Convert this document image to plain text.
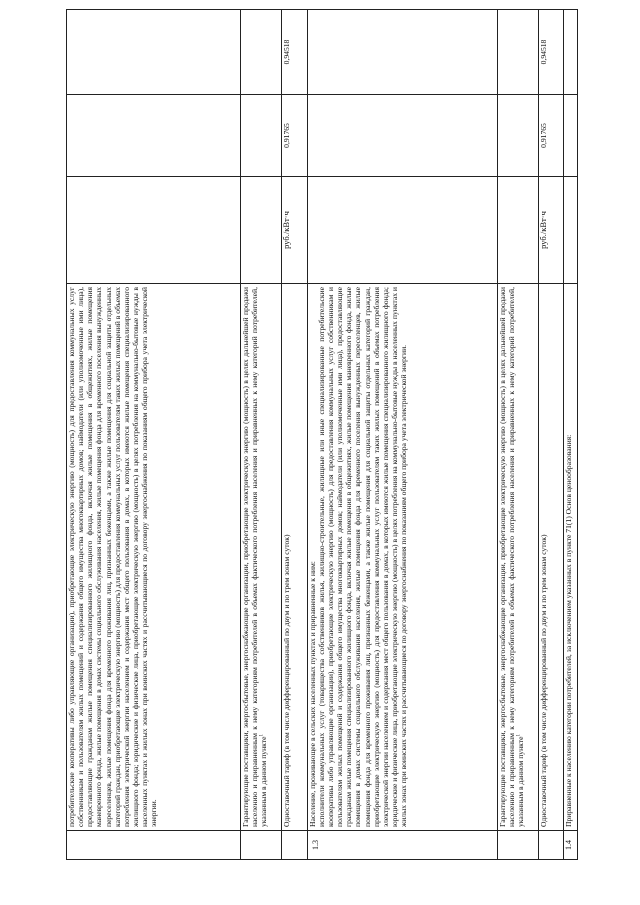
	потребительские кооперативы либо управляющие организации), приобретающие электрическую энергию (мощность) для предоставления коммунальных услуг собственникам и пользователям жилых помещений и содержания общего имущества многоквартирных домов; наймодатели (или уполномоченные ими лица), предоставляющие гражданам жилые помещения специализированного жилищного фонда, включая жилые помещения в общежитиях, жилые помещения маневренного фонда, жилые помещения в домах системы социального обслуживания населения, жилые помещения фонда для временного поселения вынужденных переселенцев, жилые помещения фонда для временного проживания лиц, признанных беженцами, а также жилые помещения для социальной защиты отдельных категорий граждан, приобретающие электрическую энергию (мощность) для предоставления коммунальных услуг пользователям таких жилых помещений в объемах потребления электрической энергии населением и содержания мест общего пользования в домах, в которых имеются жилые помещения специализированного жилищного фонда; юридические и физические лица, приобретающие электрическую энергию (мощность) в целях потребления на коммунально-бытовые нужды в населенных пунктах и жилых зонах при воинских частях и рассчитывающиеся по договору энергоснабжения по показаниям общего прибора учета электрической энергии.			
	Гарантирующие поставщики, энергосбытовые, энергоснабжающие организации, приобретающие электрическую энергию (мощность) в целях дальнейшей продажи населению и приравненным к нему категориям потребителей в объемах фактического потребления населения и приравненных к нему категорий потребителей, указанным в данном пункте$^1$			
	Одноставочный тариф (в том числе дифференцированный по двум и по трем зонам суток)	руб./кВт·ч	0,91765	0,94518
1.3	Население, проживающее в сельских населенных пунктах и приравненные к ним: исполнители коммунальных услуг (товарищества собственников жилья, жилищно-строительные, жилищные или иные специализированные потребительские кооперативы либо управляющие организации), приобретающие электрическую энергию (мощность) для предоставления коммунальных услуг собственникам и пользователям жилых помещений и содержания общего имущества многоквартирных домов; наймодатели (или уполномоченные ими лица), предоставляющие гражданам жилые помещения специализированного жилищного фонда, включая жилые помещения в общежитиях, жилые помещения маневренного фонда, жилые помещения в домах системы социального обслуживания населения, жилые помещения фонда для временного поселения вынужденных переселенцев, жилые помещения фонда для временного проживания лиц, признанных беженцами, а также жилые помещения для социальной защиты отдельных категорий граждан, приобретающие электрическую энергию (мощность) для предоставления коммунальных услуг пользователям таких жилых помещений в объемах потребления электрической энергии населением и содержания мест общего пользования в домах, в которых имеются жилые помещения специализированного жилищного фонда; юридические и физические лица, приобретающие электрическую энергию (мощность) в целях потребления на коммунально-бытовые нужды в населенных пунктах и жилых зонах при воинских частях и рассчитывающиеся по договору энергоснабжения по показаниям общего прибора учета электрической энергии.			

	Гарантирующие поставщики, энергосбытовые, энергоснабжающие организации, приобретающие электрическую энергию (мощность) в целях дальнейшей продажи населению и приравненным к нему категориям потребителей в объемах фактического потребления населения и приравненных к нему категорий потребителей, указанным в данном пункте$^1$			
	Одноставочный тариф (в том числе дифференцированный по двум и по трем зонам суток)	руб./кВт·ч	0,91765	0,94518
1.4	Приравненные к населению категории потребителей, за исключением указанных в пункте 71(1) Основ ценообразования:			
